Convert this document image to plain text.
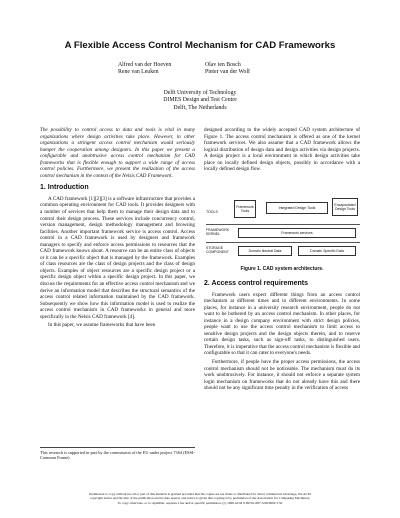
A Flexible Access Control Mechanism for CAD Frameworks
Alfred van der Hoeven
Rene van Leuken
Olav ten Bosch
Pieter van der Wolf
Delft University of Technology
DIMES Design and Test Centre
Delft, The Netherlands
The possibility to control access to data and tools is vital in many organizations where design activities take place. However, in other organizations a stringent access control mechanism would seriously hamper the cooperation among designers. In this paper we present a configurable and unobtrusive access control mechanism for CAD frameworks that is flexible enough to support a wide range of access control policies. Furthermore, we present the realization of the access control mechanism in the context of the Nelsis CAD Framework.
1. Introduction

A CAD framework [1][2][3] is a software infrastructure that provides a common operating environment for CAD tools. It provides designers with a number of services that help them to manage their design data and to control their design process. These services include concurrency control, version management, design methodology management and browsing facilities. Another important framework service is access control. Access control in a CAD framework is used by designers and framework managers to specify and enforce access permissions to resources that the CAD framework knows about. A resource can be an entire class of objects or it can be a specific object that is managed by the framework. Examples of class resources are the class of design projects and the class of design objects. Examples of object resources are a specific design project or a specific design object within a specific design project. In this paper, we discuss the requirements for an effective access control mechanism and we derive an information model that describes the structural semantics of the access control related information maintained by the CAD framework. Subsequently we show how this information model is used to realize the access control mechanism in CAD frameworks in general and more specifically in the Nelsis CAD framework [4].

In this paper, we assume frameworks that have been

This research is supported in part by the commission of the EU under project 7364 (ESSI-Common Frame).

designed according to the widely accepted CAD system architecture of Figure 1. The access control mechanism is offered as one of the kernel framework services. We also assume that a CAD framework allows the logical distribution of design data and design activities via design projects. A design project is a local environment in which design activities take place on locally defined design objects, possibly in accordance with a locally defined design flow.

TOOLS
FRAMEWORK KERNEL
STORAGE COMPONENT
Framework Tools
Integrated Design Tools
Encapsulated Design Tools
Framework services
Domain Neutral Data	Domain Specific Data
Figure 1. CAD system architecture.
2. Access control requirements

Framework users expect different things from an access control mechanism at different times and in different environments. In some places, for instance in a university research environment, people do not want to be bothered by an access control mechanism. In other places, for instance in a design company environment with strict design policies, people want to use the access control mechanism to limit access to sensitive design projects and the design objects therein, and to reserve certain design tasks, such as sign-off tasks, to distinguished users. Therefore, it is imperative that the access control mechanism is flexible and configurable so that it can cater to everyone's needs.

Furthermore, if people have the proper access permissions, the access control mechanism should not be noticeable. The mechanism must do its work unobtrusively. For instance, it should not enforce a separate system login mechanism on frameworks that do not already have this and there should not be any significant time penalty in the verification of access

Permission to copy without fee all or part of this material is granted provided that the copies are not made or distributed for direct commercial advantage, the ACM
copyright notice and the title of the publication and its date appear, and notice is given that copying is by permission of the Association for Computing Machinery.
To copy otherwise, or to republish, requires a fee and/or specific permission. (c) 1996 ACM 0-89791-687-5/96/0009 3.50
